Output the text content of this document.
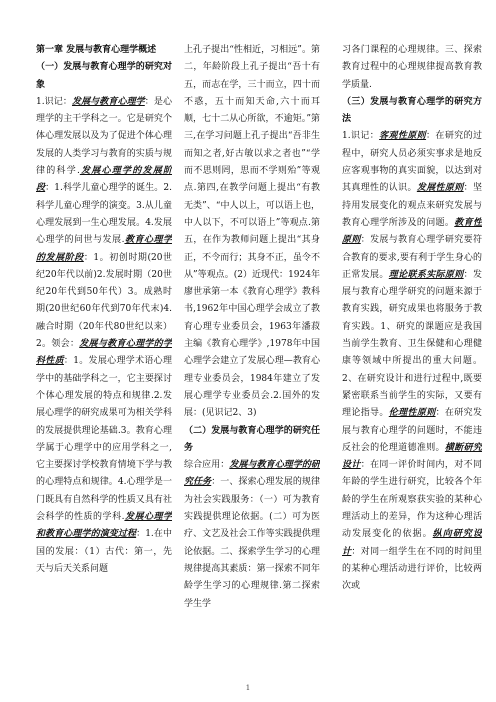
第一章 发展与教育心理学概述
（一）发展与教育心理学的研究对象
1.识记：发展与教育心理学：是心理学的主干学科之一。它是研究个体心理发展以及为了促进个体心理发展的人类学习与教育的实质与规律的科学.发展心理学的发展阶段：1.科学儿童心理学的诞生。2.科学儿童心理学的演变。3.从儿童心理发展到一生心理发展。4.发展心理学的问世与发展.教育心理学的发展阶段：1。初创时期(20世纪20年代以前)2.发展时期（20世纪20年代到50年代）3。成熟时期(20世纪60年代到70年代末)4.融合时期（20年代80世纪以来）2。领会：发展与教育心理学的学科性质：1。发展心理学术语心理学中的基础学科之一，它主要探讨个体心理发展的特点和规律.2.发展心理学的研究成果可为相关学科的发展提供理论基础.3。教育心理学属于心理学中的应用学科之一,它主要探讨学校教育情境下学与教的心理特点和规律。4.心理学是一门既具有自然科学的性质又具有社会科学的性质的学科.发展心理学和教育心理学的演变过程：1.在中国的发展：（1）古代：第一，先天与后天关系问题
上孔子提出“性相近，习相远”。第二，年龄阶段上孔子提出“吾十有五，而志在学，三十而立，四十而不惑，五十而知天命,六十而耳顺，七十二从心所欲，不逾矩。”第三,在学习问题上孔子提出“吾非生而知之者,好古敏以求之者也”“学而不思则罔，思而不学则殆”等观点.第四,在教学问题上提出“有教无类”、“中人以上，可以语上也，中人以下，不可以语上”等观点.第五，在作为教师问题上提出“其身正，不令而行；其身不正，虽令不从”等观点。(2）近现代：1924年廖世承第一本《教育心理学》教科书,1962年中国心理学会成立了教育心理专业委员会，1963年潘菽主编《教育心理学》,1978年中国心理学会建立了发展心理—教育心理专业委员会，1984年建立了发展心理学专业委员会.2.国外的发展：(见识记2、3)
（二）发展与教育心理学的研究任务
综合应用：发展与教育心理学的研究任务：一、探索心理发展的规律为社会实践服务：（一）可为教育实践提供理论依据。(二）可为医疗、文艺及社会工作等实践提供理论依据。二、探索学生学习的心理规律提高其素质：第一探索不同年龄学生学习的心理规律.第二探索学生学
习各门课程的心理规律。三、探索教育过程中的心理规律提高教育教学质量.
（三）发展与教育心理学的研究方法
1.识记：客观性原则：在研究的过程中，研究人员必须实事求是地反应客观事物的真实面貌，以达到对其真理性的认识。发展性原则：坚持用发展变化的观点来研究发展与教育心理学所涉及的问题。教育性原则：发展与教育心理学研究要符合教育的要求,要有利于学生身心的正常发展。理论联系实际原则：发展与教育心理学研究的问题来源于教育实践，研究成果也将服务于教育实践。1、研究的课题应是我国当前学生教育、卫生保健和心理健康等领域中所提出的重大问题。2、在研究设计和进行过程中,既要紧密联系当前学生的实际，又要有理论指导。伦理性原则：在研究发展与教育心理学的问题时，不能违反社会的伦理道德准则。横断研究设计：在同一评价时间内，对不同年龄的学生进行研究，比较各个年龄的学生在所观察获实验的某种心理活动上的差异，作为这种心理活动发展变化的依据。纵向研究设计：对同一组学生在不同的时间里的某种心理活动进行评价，比较两次或
1
